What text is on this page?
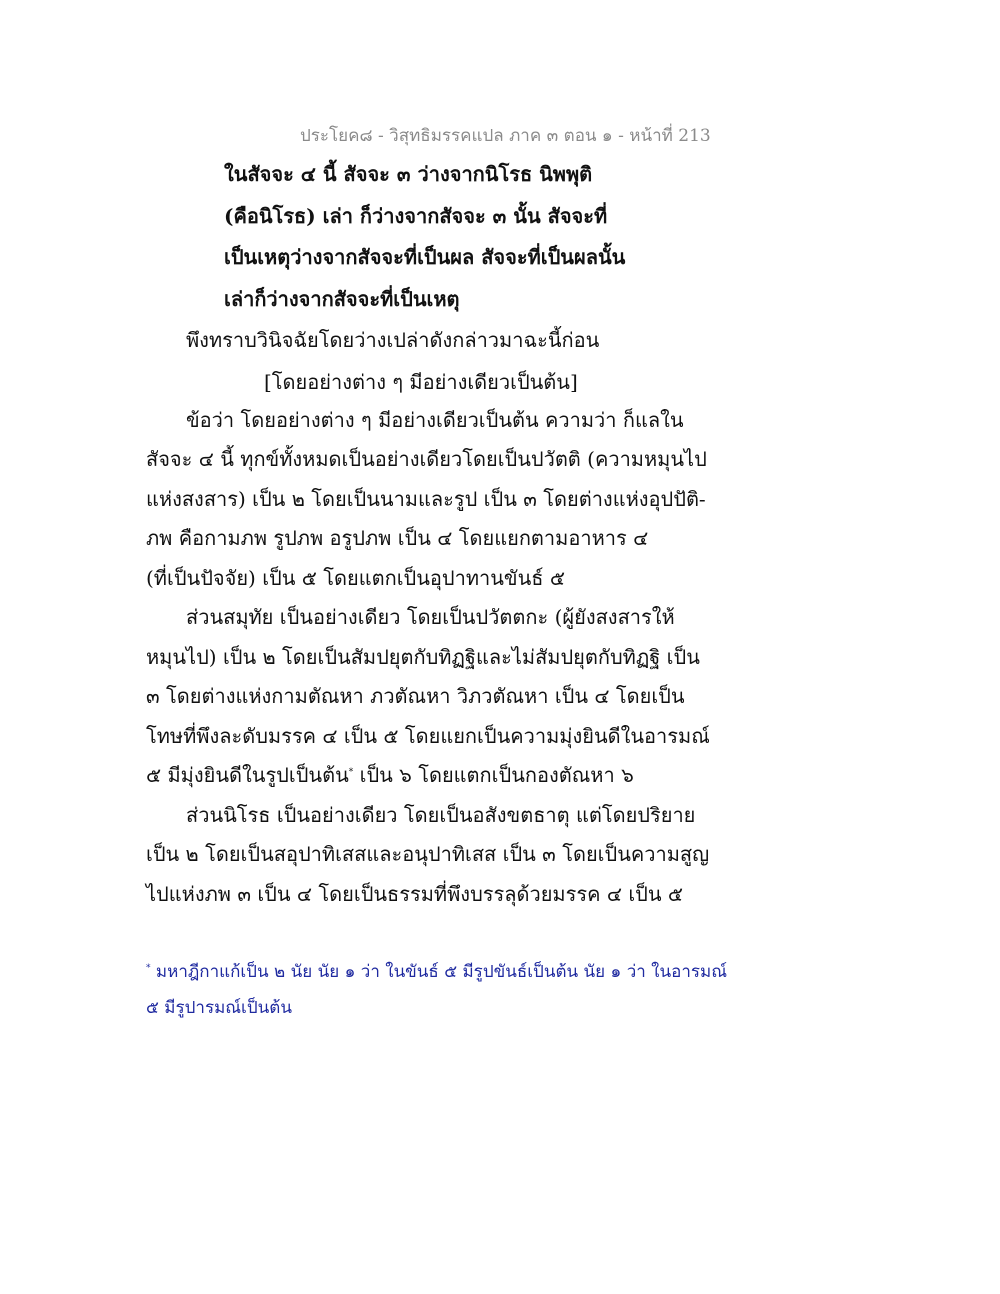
ประโยค๘ - วิสุทธิมรรคแปล ภาค ๓ ตอน ๑ - หน้าที่ 213
ในสัจจะ ๔ นี้ สัจจะ ๓ ว่างจากนิโรธ นิพพุติ
(คือนิโรธ) เล่า ก็ว่างจากสัจจะ ๓ นั้น สัจจะที่
เป็นเหตุว่างจากสัจจะที่เป็นผล สัจจะที่เป็นผลนั้น
เล่าก็ว่างจากสัจจะที่เป็นเหตุ
พึงทราบวินิจฉัยโดยว่างเปล่าดังกล่าวมาฉะนี้ก่อน
[โดยอย่างต่าง ๆ มีอย่างเดียวเป็นต้น]
ข้อว่า โดยอย่างต่าง ๆ มีอย่างเดียวเป็นต้น ความว่า ก็แลใน
สัจจะ ๔ นี้ ทุกข์ทั้งหมดเป็นอย่างเดียวโดยเป็นปวัตติ (ความหมุนไป
แห่งสงสาร) เป็น ๒ โดยเป็นนามและรูป เป็น ๓ โดยต่างแห่งอุปปัติ-
ภพ คือกามภพ รูปภพ อรูปภพ เป็น ๔ โดยแยกตามอาหาร ๔
(ที่เป็นปัจจัย) เป็น ๕ โดยแตกเป็นอุปาทานขันธ์ ๕
ส่วนสมุทัย เป็นอย่างเดียว โดยเป็นปวัตตกะ (ผู้ยังสงสารให้
หมุนไป) เป็น ๒ โดยเป็นสัมปยุตกับทิฏฐิและไม่สัมปยุตกับทิฏฐิ เป็น
๓ โดยต่างแห่งกามตัณหา ภวตัณหา วิภวตัณหา เป็น ๔ โดยเป็น
โทษที่พึงละดับมรรค ๔ เป็น ๕ โดยแยกเป็นความมุ่งยินดีในอารมณ์
๕ มีมุ่งยินดีในรูปเป็นต้น* เป็น ๖ โดยแตกเป็นกองตัณหา ๖
ส่วนนิโรธ เป็นอย่างเดียว โดยเป็นอสังขตธาตุ แต่โดยปริยาย
เป็น ๒ โดยเป็นสอุปาทิเสสและอนุปาทิเสส เป็น ๓ โดยเป็นความสูญ
ไปแห่งภพ ๓ เป็น ๔ โดยเป็นธรรมที่พึงบรรลุด้วยมรรค ๔ เป็น ๕
* มหาฎีกาแก้เป็น ๒ นัย นัย ๑ ว่า ในขันธ์ ๕ มีรูปขันธ์เป็นต้น นัย ๑ ว่า ในอารมณ์
๕ มีรูปารมณ์เป็นต้น
